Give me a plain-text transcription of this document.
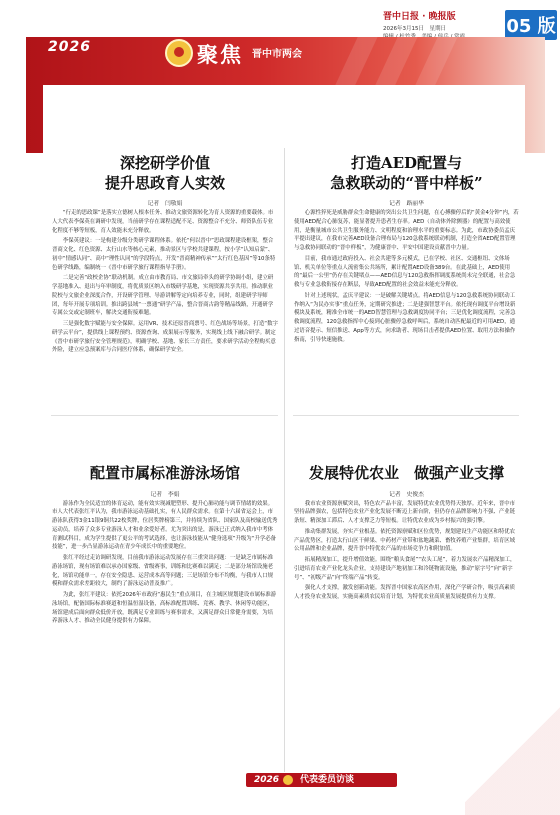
晋中日报 · 晚报版
2026年3月15日　星期日	05 版
2026	聚焦 晋中市两会
深挖研学价值
提升思政育人实效
记者　闫敬娟

“行走的思政课”是落实立德树人根本任务、推动文旅资源转化为育人资源的重要载体。市人大代表李保英在调研中发现，当前研学存在课程适配不足、资源整合不充分、师资队伍专业化程度不够等短板，育人效能未充分释放。

李保英建议：一是构建分级分类研学课程体系。依托“何以晋中”思政课程建设框架，整合晋商文化、红色资源、太行山水等核心元素，推动景区与学校共建课程，按小学“认知启蒙”、初中“情感认同”、高中“理性认同”的学段特点，开发“晋商精神传承”“太行红色基因”等10条特色研学线路，编制统一《晋中市研学旅行课程指导手册》。

二是完善“政校企协”联动机制。成立由市教育局、市文旅局牵头的研学协调小组，建立研学基地准入、退出与年审制度，将优质景区纳入市级研学基地，实现资源共享共用。推动职业院校与文旅企业深度合作，开设研学管理、导游讲解等定向培养专业，同时，组建研学导师团，每年开展专项培训。推出跨县域“一票通”研学产品，整合晋商古韵等精品线路，开通研学专属公交或定制班车，解决交通衔接难题。

三是强化数字赋能与安全保障。运用VR、技术还原晋商票号、红色战场等场景，打造“数字研学云平台”，提供线上课程预约、资源查询、成果展示等服务，实现线上线下融合研学。制定《晋中市研学旅行安全管理规范》，明确学校、基地、家长三方责任，要求研学活动全程购买意外险，建立应急预案库与合同医疗体系，确保研学安全。

打造AED配置与
急救联动的“晋中样板”
记者　路丽华

心源性猝死是威胁群众生命健康的突出公共卫生问题，在心搏骤停后的“黄金4分钟”内，若使用AED配合心肺复苏，能显著提升患者生存率。AED（自动体外除颤器）的配置与高效使用，是衡量城市公共卫生服务能力、文明程度和治理水平的重要标志。为此，市政协委员孟庆平提出建议，在我市完善AED设备合理布局与120急救系统联动机制，打造全省AED配置管理与急救协同联动的“晋中样板”，为健康晋中、平安中国建设贡献晋中力量。

目前，我市通过政府投入、社会共建等多元模式，已在学校、社区、交通枢纽、文体场馆、机关单位等重点人流密集公共场所，累计配置AED设备389台。在此基础上，AED使用的“最后一公里”仍存在关键堵点——AED信息与120急救指挥调度系统尚未完全联通，社会急救与专业急救衔接存在断层，导致AED配置的社会效益未能充分释放。

针对上述现状，孟庆平建议：一是破解关键堵点。将AED信息与120急救系统协同联动工作纳入“为民办实事”重点任务，定期研究推进；二是建强智慧平台。依托现有调度平台增设新模块及系统，精准全市统一的AED智慧管理与急救调度协同平台；三是优化调度流程，完善急救调度流程，120急救指挥中心接到心脏骤停急救呼叫后，系统自动匹配最近的可用AED，通过语音提示、短信推送、App等方式，向求助者、现场目击者提供AED位置、取用方法和操作指南，引导快速施救。

配置市属标准游泳场馆
记者　李娟

游泳作为全民适宜的体育运动，能有效实现减肥塑形、提升心肺功能与调节情绪的效果。市人大代表张红平认为，我市游泳运动基础扎实，有人民群众需求。在第十六届省运会上，市游泳队获得3金11银9铜共22枚奖牌，位居奖牌榜第三，并持续为省队、国家队及高校输送优秀运动员，培养了众多专业游泳人才和业余爱好者。尤为突出的是，游泳已正式纳入我市中考体育测试科目，成为学生提供了更公平的考试选择，也让游泳技能从“健身选项”升级为“升学必备技能”，进一步凸显游泳运动在青少年成长中的重要地位。

张红平经过走访调研发现，目前我市游泳运动发展存在三重突出问题：一是缺乏市属标准游泳场馆，现有场馆难以承办国家级、省级赛事，训练和比赛难以满足；二是部分场馆设施老化，场馆功能单一，存在安全隐患、运营成本高等问题；三是场馆分布不均衡，与我市人口规模和群众需求差距较大，制约了游泳运动普及推广。

为此，张红平建议：依托2026年市政府“惠民生”重点项目，在主城区规划建设市属标准游泳场馆，配备国际标准赛道和恒温恒湿设备，高标准配置训练、竞赛、教学、休闲等功能区，场馆建成后面向群众低价开放，既满足专业训练与赛事需求，又满足群众日常健身需要，为培养游泳人才、推动全民健身提供有力保障。

发展特优农业　做强产业支撑
记者　史俊杰

我市农业资源禀赋突出，特色农产品丰富，发展特优农业优势得天独厚。近年来，晋中市坚持品牌强农，包括特色农业产业化发展不断迈上新台阶，但仍存在品牌影响力不强、产业链条短、精深加工滞后、人才支撑乏力等短板。让特优农业成为乡村振兴的强引擎。

推动集群发展，夯实产业根基。依托资源禀赋和区位优势，规划建设生产功能区和特优农产品优势区，打造太行山区干鲜果、中药材产业带和盆地蔬菜、畜牧养殖产业集群，培育区域公用品牌和企业品牌，提升晋中特优农产品的市场竞争力和附加值。

拓展精深加工，提升增值效能。围绕“粮头食尾”“农头工尾”，着力发展农产品精深加工，引进培育农业产业化龙头企业，支持建设产地初加工和冷链物流设施，推动“原字号”向“新字号”、“初级产品”向“终端产品”转变。

强化人才支撑，激发创新动能。发挥晋中国家农高区作用，深化产学研合作，吸引高素质人才投身农业发展，实施高素质农民培育计划，为特优农业高质量发展提供有力支撑。

2026 代表委员访谈
